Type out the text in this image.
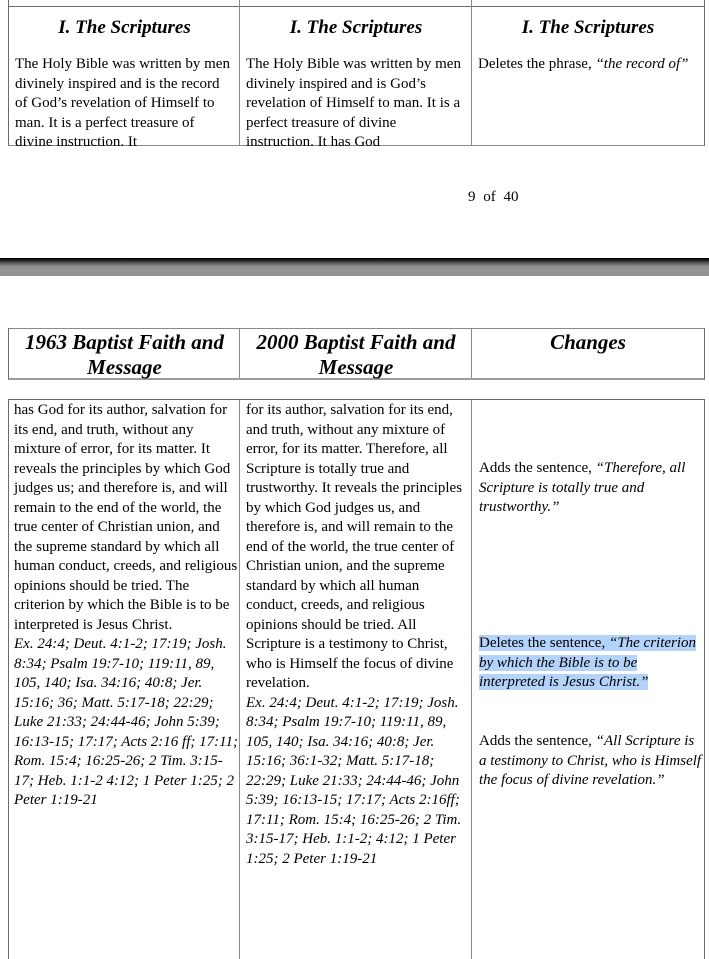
I. The Scriptures
The Holy Bible was written by men divinely inspired and is the record of God’s revelation of Himself to man. It is a perfect treasure of divine instruction. It
I. The Scriptures
The Holy Bible was written by men divinely inspired and is God’s revelation of Himself to man. It is a perfect treasure of divine instruction. It has God
I. The Scriptures
Deletes the phrase, “the record of”
9 of 40
1963 Baptist Faith and Message
2000 Baptist Faith and Message
Changes
has God for its author, salvation for its end, and truth, without any mixture of error, for its matter. It reveals the principles by which God judges us; and therefore is, and will remain to the end of the world, the true center of Christian union, and the supreme standard by which all human conduct, creeds, and religious opinions should be tried. The criterion by which the Bible is to be interpreted is Jesus Christ.
Ex. 24:4; Deut. 4:1-2; 17:19; Josh. 8:34; Psalm 19:7-10; 119:11, 89, 105, 140; Isa. 34:16; 40:8; Jer. 15:16; 36; Matt. 5:17-18; 22:29; Luke 21:33; 24:44-46; John 5:39; 16:13-15; 17:17; Acts 2:16 ff; 17:11; Rom. 15:4; 16:25-26; 2 Tim. 3:15-17; Heb. 1:1-2 4:12; 1 Peter 1:25; 2 Peter 1:19-21
for its author, salvation for its end, and truth, without any mixture of error, for its matter. Therefore, all Scripture is totally true and trustworthy. It reveals the principles by which God judges us, and therefore is, and will remain to the end of the world, the true center of Christian union, and the supreme standard by which all human conduct, creeds, and religious opinions should be tried. All Scripture is a testimony to Christ, who is Himself the focus of divine revelation.
Ex. 24:4; Deut. 4:1-2; 17:19; Josh. 8:34; Psalm 19:7-10; 119:11, 89, 105, 140; Isa. 34:16; 40:8; Jer. 15:16; 36:1-32; Matt. 5:17-18; 22:29; Luke 21:33; 24:44-46; John 5:39; 16:13-15; 17:17; Acts 2:16ff; 17:11; Rom. 15:4; 16:25-26; 2 Tim. 3:15-17; Heb. 1:1-2; 4:12; 1 Peter 1:25; 2 Peter 1:19-21
Adds the sentence, “Therefore, all Scripture is totally true and trustworthy.”
Deletes the sentence, “The criterion by which the Bible is to be interpreted is Jesus Christ.”
Adds the sentence, “All Scripture is a testimony to Christ, who is Himself the focus of divine revelation.”
